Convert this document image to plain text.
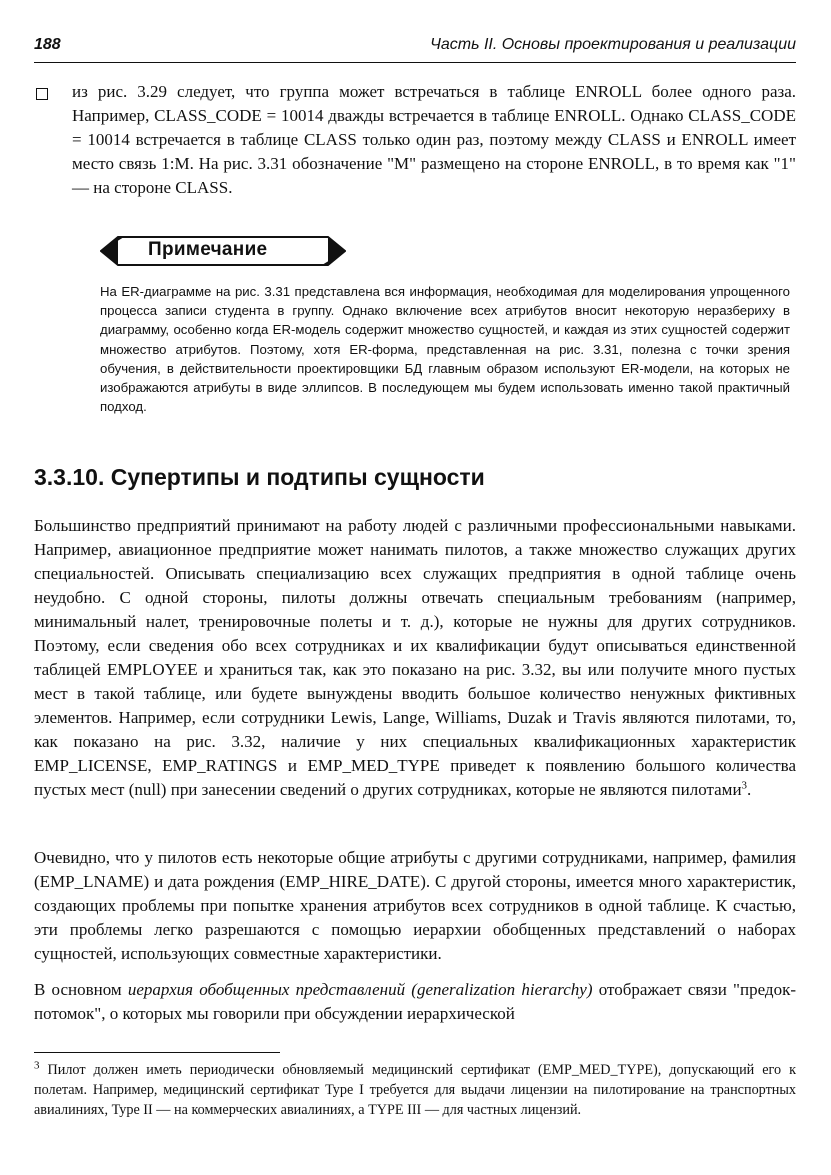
188	Часть II. Основы проектирования и реализации

из рис. 3.29 следует, что группа может встречаться в таблице ENROLL более одного раза. Например, CLASS_CODE = 10014 дважды встречается в таблице ENROLL. Однако CLASS_CODE = 10014 встречается в таблице CLASS только один раз, поэтому между CLASS и ENROLL имеет место связь 1:M. На рис. 3.31 обозначение "M" размещено на стороне ENROLL, в то время как "1" — на стороне CLASS.

Примечание

На ER-диаграмме на рис. 3.31 представлена вся информация, необходимая для моделирования упрощенного процесса записи студента в группу. Однако включение всех атрибутов вносит некоторую неразбериху в диаграмму, особенно когда ER-модель содержит множество сущностей, и каждая из этих сущностей содержит множество атрибутов. Поэтому, хотя ER-форма, представленная на рис. 3.31, полезна с точки зрения обучения, в действительности проектировщики БД главным образом используют ER-модели, на которых не изображаются атрибуты в виде эллипсов. В последующем мы будем использовать именно такой практичный подход.

3.3.10. Супертипы и подтипы сущности

Большинство предприятий принимают на работу людей с различными профессиональными навыками. Например, авиационное предприятие может нанимать пилотов, а также множество служащих других специальностей. Описывать специализацию всех служащих предприятия в одной таблице очень неудобно. С одной стороны, пилоты должны отвечать специальным требованиям (например, минимальный налет, тренировочные полеты и т. д.), которые не нужны для других сотрудников. Поэтому, если сведения обо всех сотрудниках и их квалификации будут описываться единственной таблицей EMPLOYEE и храниться так, как это показано на рис. 3.32, вы или получите много пустых мест в такой таблице, или будете вынуждены вводить большое количество ненужных фиктивных элементов. Например, если сотрудники Lewis, Lange, Williams, Duzak и Travis являются пилотами, то, как показано на рис. 3.32, наличие у них специальных квалификационных характеристик EMP_LICENSE, EMP_RATINGS и EMP_MED_TYPE приведет к появлению большого количества пустых мест (null) при занесении сведений о других сотрудниках, которые не являются пилотами$^3$.

Очевидно, что у пилотов есть некоторые общие атрибуты с другими сотрудниками, например, фамилия (EMP_LNAME) и дата рождения (EMP_HIRE_DATE). С другой стороны, имеется много характеристик, создающих проблемы при попытке хранения атрибутов всех сотрудников в одной таблице. К счастью, эти проблемы легко разрешаются с помощью иерархии обобщенных представлений о наборах сущностей, использующих совместные характеристики.

В основном иерархия обобщенных представлений (generalization hierarchy) отображает связи "предок-потомок", о которых мы говорили при обсуждении иерархической

$^3$ Пилот должен иметь периодически обновляемый медицинский сертификат (EMP_MED_TYPE), допускающий его к полетам. Например, медицинский сертификат Type I требуется для выдачи лицензии на пилотирование на транспортных авиалиниях, Type II — на коммерческих авиалиниях, а TYPE III — для частных лицензий.
